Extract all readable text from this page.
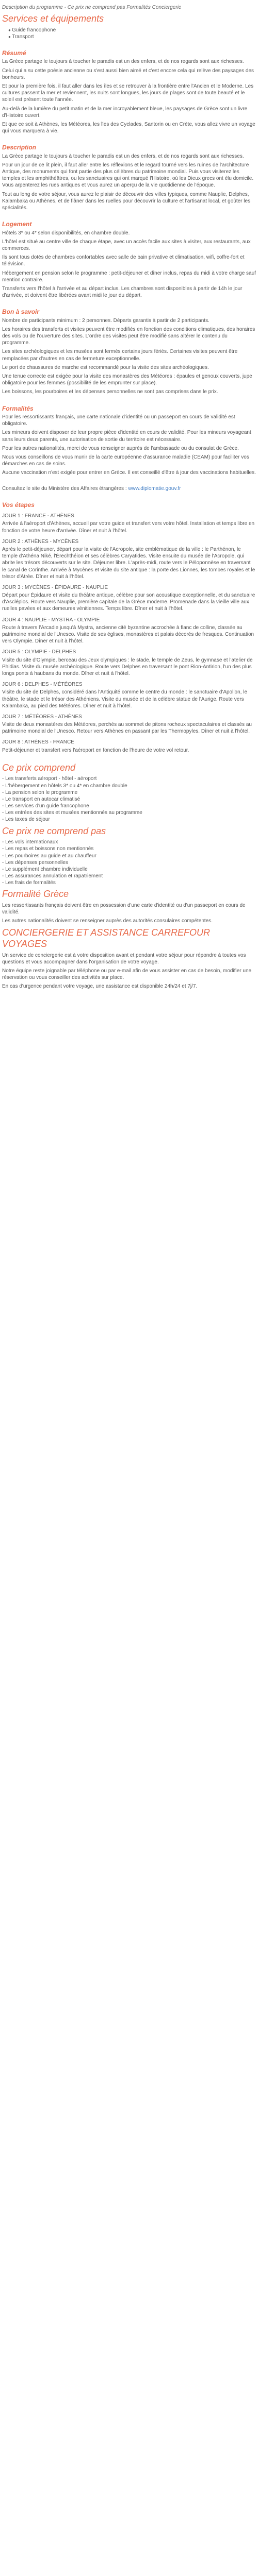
Description du programme - Ce prix ne comprend pas Formalités Conciergerie

Services et équipements
● Guide francophone
● Transport
Résumé

La Grèce partage le toujours à toucher le paradis est un des enfers, et de nos regards sont aux richesses.

Celui qui a su cette poésie ancienne ou s'est aussi bien aimé et c'est encore cela qui relève des paysages des bonheurs.

Et pour la première fois, il faut aller dans les îles et se retrouver à la frontière entre l'Ancien et le Moderne. Les cultures passent la mer et reviennent, les nuits sont longues, les jours de plages sont de toute beauté et le soleil est présent toute l'année.

Au-delà de la lumière du petit matin et de la mer incroyablement bleue, les paysages de Grèce sont un livre d'Histoire ouvert.

Et que ce soit à Athènes, les Météores, les îles des Cyclades, Santorin ou en Crète, vous allez vivre un voyage qui vous marquera à vie.

Description

La Grèce partage le toujours à toucher le paradis est un des enfers, et de nos regards sont aux richesses.

Pour un jour de ce lit plein, il faut aller entre les réflexions et le regard tourné vers les ruines de l'architecture Antique, des monuments qui font partie des plus célèbres du patrimoine mondial. Puis vous visiterez les temples et les amphithéâtres, ou les sanctuaires qui ont marqué l'Histoire, où les Dieux grecs ont élu domicile. Vous arpenterez les rues antiques et vous aurez un aperçu de la vie quotidienne de l'époque.

Tout au long de votre séjour, vous aurez le plaisir de découvrir des villes typiques, comme Nauplie, Delphes, Kalambaka ou Athènes, et de flâner dans les ruelles pour découvrir la culture et l'artisanat local, et goûter les spécialités.

Logement

Hôtels 3* ou 4* selon disponibilités, en chambre double.

L'hôtel est situé au centre ville de chaque étape, avec un accès facile aux sites à visiter, aux restaurants, aux commerces.

Ils sont tous dotés de chambres confortables avec salle de bain privative et climatisation, wifi, coffre-fort et télévision.

Hébergement en pension selon le programme : petit-déjeuner et dîner inclus, repas du midi à votre charge sauf mention contraire.

Transferts vers l'hôtel à l'arrivée et au départ inclus. Les chambres sont disponibles à partir de 14h le jour d'arrivée, et doivent être libérées avant midi le jour du départ.

Bon à savoir

Nombre de participants minimum : 2 personnes. Départs garantis à partir de 2 participants.

Les horaires des transferts et visites peuvent être modifiés en fonction des conditions climatiques, des horaires des vols ou de l'ouverture des sites. L'ordre des visites peut être modifié sans altérer le contenu du programme.

Les sites archéologiques et les musées sont fermés certains jours fériés. Certaines visites peuvent être remplacées par d'autres en cas de fermeture exceptionnelle.

Le port de chaussures de marche est recommandé pour la visite des sites archéologiques.

Une tenue correcte est exigée pour la visite des monastères des Météores : épaules et genoux couverts, jupe obligatoire pour les femmes (possibilité de les emprunter sur place).

Les boissons, les pourboires et les dépenses personnelles ne sont pas comprises dans le prix.

Formalités

Pour les ressortissants français, une carte nationale d'identité ou un passeport en cours de validité est obligatoire.

Les mineurs doivent disposer de leur propre pièce d'identité en cours de validité. Pour les mineurs voyageant sans leurs deux parents, une autorisation de sortie du territoire est nécessaire.

Pour les autres nationalités, merci de vous renseigner auprès de l'ambassade ou du consulat de Grèce.

Nous vous conseillons de vous munir de la carte européenne d'assurance maladie (CEAM) pour faciliter vos démarches en cas de soins.

Aucune vaccination n'est exigée pour entrer en Grèce. Il est conseillé d'être à jour des vaccinations habituelles.

Consultez le site du Ministère des Affaires étrangères : www.diplomatie.gouv.fr

Vos étapes
JOUR 1 : FRANCE - ATHÈNES

Arrivée à l'aéroport d'Athènes, accueil par votre guide et transfert vers votre hôtel. Installation et temps libre en fonction de votre heure d'arrivée. Dîner et nuit à l'hôtel.

JOUR 2 : ATHÈNES - MYCÈNES

Après le petit-déjeuner, départ pour la visite de l'Acropole, site emblématique de la ville : le Parthénon, le temple d'Athéna Niké, l'Érechthéion et ses célèbres Caryatides. Visite ensuite du musée de l'Acropole, qui abrite les trésors découverts sur le site. Déjeuner libre. L'après-midi, route vers le Péloponnèse en traversant le canal de Corinthe. Arrivée à Mycènes et visite du site antique : la porte des Lionnes, les tombes royales et le trésor d'Atrée. Dîner et nuit à l'hôtel.

JOUR 3 : MYCÈNES - ÉPIDAURE - NAUPLIE

Départ pour Épidaure et visite du théâtre antique, célèbre pour son acoustique exceptionnelle, et du sanctuaire d'Asclépios. Route vers Nauplie, première capitale de la Grèce moderne. Promenade dans la vieille ville aux ruelles pavées et aux demeures vénitiennes. Temps libre. Dîner et nuit à l'hôtel.

JOUR 4 : NAUPLIE - MYSTRA - OLYMPIE

Route à travers l'Arcadie jusqu'à Mystra, ancienne cité byzantine accrochée à flanc de colline, classée au patrimoine mondial de l'Unesco. Visite de ses églises, monastères et palais décorés de fresques. Continuation vers Olympie. Dîner et nuit à l'hôtel.

JOUR 5 : OLYMPIE - DELPHES

Visite du site d'Olympie, berceau des Jeux olympiques : le stade, le temple de Zeus, le gymnase et l'atelier de Phidias. Visite du musée archéologique. Route vers Delphes en traversant le pont Rion-Antirion, l'un des plus longs ponts à haubans du monde. Dîner et nuit à l'hôtel.

JOUR 6 : DELPHES - MÉTÉORES

Visite du site de Delphes, considéré dans l'Antiquité comme le centre du monde : le sanctuaire d'Apollon, le théâtre, le stade et le trésor des Athéniens. Visite du musée et de la célèbre statue de l'Aurige. Route vers Kalambaka, au pied des Météores. Dîner et nuit à l'hôtel.

JOUR 7 : MÉTÉORES - ATHÈNES

Visite de deux monastères des Météores, perchés au sommet de pitons rocheux spectaculaires et classés au patrimoine mondial de l'Unesco. Retour vers Athènes en passant par les Thermopyles. Dîner et nuit à l'hôtel.

JOUR 8 : ATHÈNES - FRANCE

Petit-déjeuner et transfert vers l'aéroport en fonction de l'heure de votre vol retour.

Ce prix comprend
- Les transferts aéroport - hôtel - aéroport
- L'hébergement en hôtels 3* ou 4* en chambre double
- La pension selon le programme
- Le transport en autocar climatisé
- Les services d'un guide francophone
- Les entrées des sites et musées mentionnés au programme
- Les taxes de séjour
Ce prix ne comprend pas
- Les vols internationaux
- Les repas et boissons non mentionnés
- Les pourboires au guide et au chauffeur
- Les dépenses personnelles
- Le supplément chambre individuelle
- Les assurances annulation et rapatriement
- Les frais de formalités
Formalité Grèce

Les ressortissants français doivent être en possession d'une carte d'identité ou d'un passeport en cours de validité.

Les autres nationalités doivent se renseigner auprès des autorités consulaires compétentes.

CONCIERGERIE ET ASSISTANCE CARREFOUR VOYAGES

Un service de conciergerie est à votre disposition avant et pendant votre séjour pour répondre à toutes vos questions et vous accompagner dans l'organisation de votre voyage.

Notre équipe reste joignable par téléphone ou par e-mail afin de vous assister en cas de besoin, modifier une réservation ou vous conseiller des activités sur place.

En cas d'urgence pendant votre voyage, une assistance est disponible 24h/24 et 7j/7.
